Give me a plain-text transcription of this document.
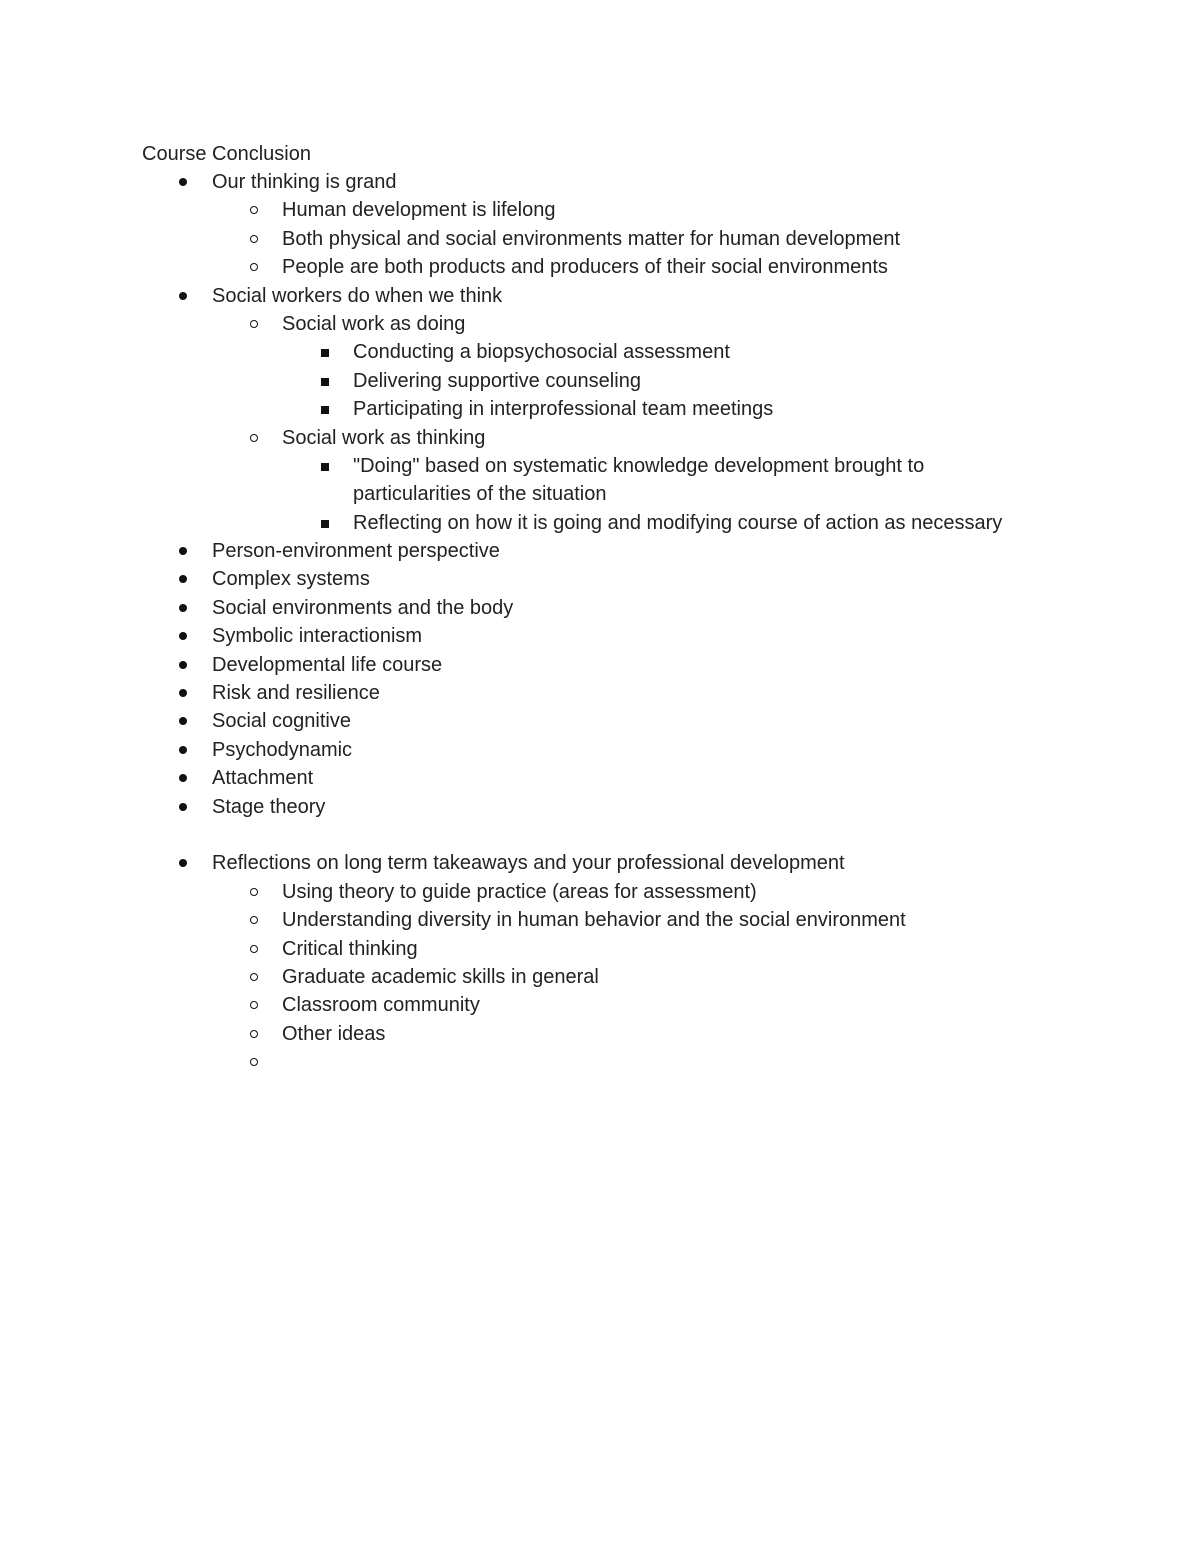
Course Conclusion
Our thinking is grand
Human development is lifelong
Both physical and social environments matter for human development
People are both products and producers of their social environments
Social workers do when we think
Social work as doing
Conducting a biopsychosocial assessment
Delivering supportive counseling
Participating in interprofessional team meetings
Social work as thinking
"Doing" based on systematic knowledge development brought to
particularities of the situation
Reflecting on how it is going and modifying course of action as necessary
Person-environment perspective
Complex systems
Social environments and the body
Symbolic interactionism
Developmental life course
Risk and resilience
Social cognitive
Psychodynamic
Attachment
Stage theory
Reflections on long term takeaways and your professional development
Using theory to guide practice (areas for assessment)
Understanding diversity in human behavior and the social environment
Critical thinking
Graduate academic skills in general
Classroom community
Other ideas
